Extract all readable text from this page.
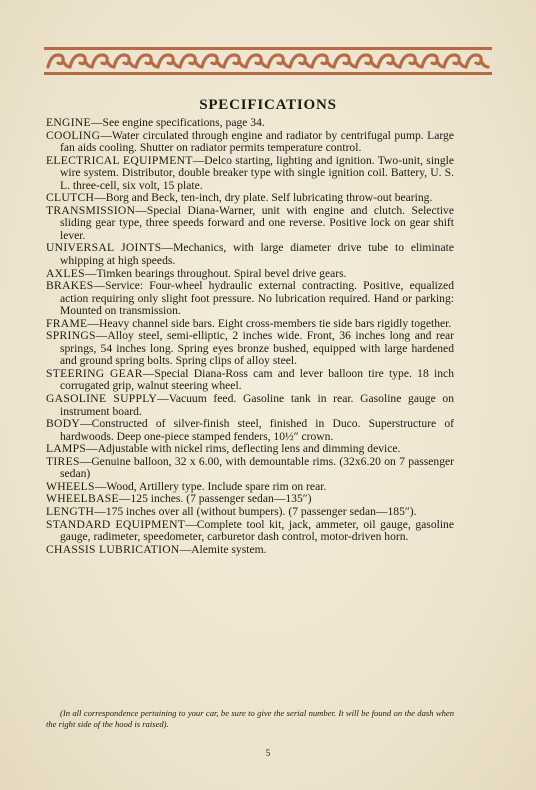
SPECIFICATIONS

ENGINE—See engine specifications, page 34.

COOLING—Water circulated through engine and radiator by centrifugal pump. Large fan aids cooling. Shutter on radiator permits temperature control.

ELECTRICAL EQUIPMENT—Delco starting, lighting and ignition. Two-unit, single wire system. Distributor, double breaker type with single ignition coil. Battery, U. S. L. three-cell, six volt, 15 plate.

CLUTCH—Borg and Beck, ten-inch, dry plate. Self lubricating throw-out bearing.

TRANSMISSION—Special Diana-Warner, unit with engine and clutch. Selective sliding gear type, three speeds forward and one reverse. Positive lock on gear shift lever.

UNIVERSAL JOINTS—Mechanics, with large diameter drive tube to eliminate whipping at high speeds.

AXLES—Timken bearings throughout. Spiral bevel drive gears.

BRAKES—Service: Four-wheel hydraulic external contracting. Positive, equalized action requiring only slight foot pressure. No lubrication required. Hand or parking: Mounted on transmission.

FRAME—Heavy channel side bars. Eight cross-members tie side bars rigidly together.

SPRINGS—Alloy steel, semi-elliptic, 2 inches wide. Front, 36 inches long and rear springs, 54 inches long. Spring eyes bronze bushed, equipped with large hardened and ground spring bolts. Spring clips of alloy steel.

STEERING GEAR—Special Diana-Ross cam and lever balloon tire type. 18 inch corrugated grip, walnut steering wheel.

GASOLINE SUPPLY—Vacuum feed. Gasoline tank in rear. Gasoline gauge on instrument board.

BODY—Constructed of silver-finish steel, finished in Duco. Superstructure of hardwoods. Deep one-piece stamped fenders, 10½″ crown.

LAMPS—Adjustable with nickel rims, deflecting lens and dimming device.

TIRES—Genuine balloon, 32 x 6.00, with demountable rims. (32x6.20 on 7 passenger sedan)

WHEELS—Wood, Artillery type. Include spare rim on rear.

WHEELBASE—125 inches. (7 passenger sedan—135″)

LENGTH—175 inches over all (without bumpers). (7 passenger sedan—185″).

STANDARD EQUIPMENT—Complete tool kit, jack, ammeter, oil gauge, gasoline gauge, radimeter, speedometer, carburetor dash control, motor-driven horn.

CHASSIS LUBRICATION—Alemite system.

(In all correspondence pertaining to your car, be sure to give the serial number. It will be found on the dash when the right side of the hood is raised).
5
